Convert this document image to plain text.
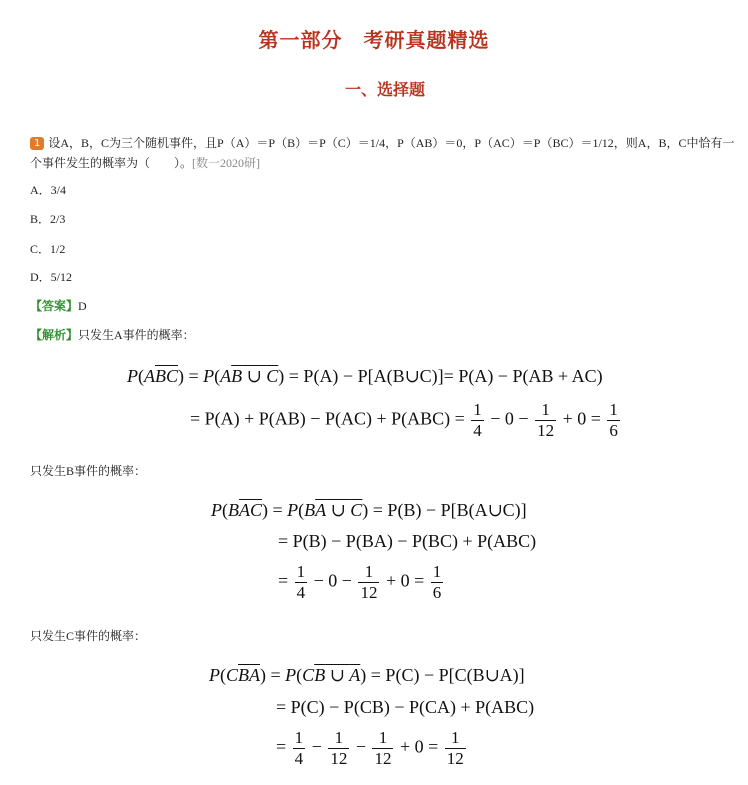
第一部分　考研真题精选
一、选择题
1 设A，B，C为三个随机事件，且P（A）＝P（B）＝P（C）＝1/4，P（AB）＝0，P（AC）＝P（BC）＝1/12，则A，B，C中恰有一个事件发生的概率为（　　）。[数一2020研]
A．3/4
B．2/3
C．1/2
D．5/12
【答案】D
【解析】只发生A事件的概率：
$P(A\overline{B}\overline{C}) = P(AB$ ∪ C) = P(A) − P[A(B∪C)]= P(A) − P(AB + AC)
= $P(A) + P(AB) - P(AC) + P(ABC) = \frac{1}{4} - 0 - \frac{1}{12} + 0 = \frac{1}{6}$
只发生B事件的概率：
$P(B\overline{A}\overline{C}) = P(BA$ ∪ C) = P(B) − P[B(A∪C)]
= P(B) − P(BA) − P(BC) + P(ABC)
= $\frac{1}{4} - 0 - \frac{1}{12} + 0 = \frac{1}{6}$
只发生C事件的概率：
$P(C\overline{B}\overline{A}) = P(CB$ ∪ A) = P(C) − P[C(B∪A)]
= P(C) − P(CB) − P(CA) + P(ABC)
= $\frac{1}{4} - \frac{1}{12} - \frac{1}{12} + 0 = \frac{1}{12}$
